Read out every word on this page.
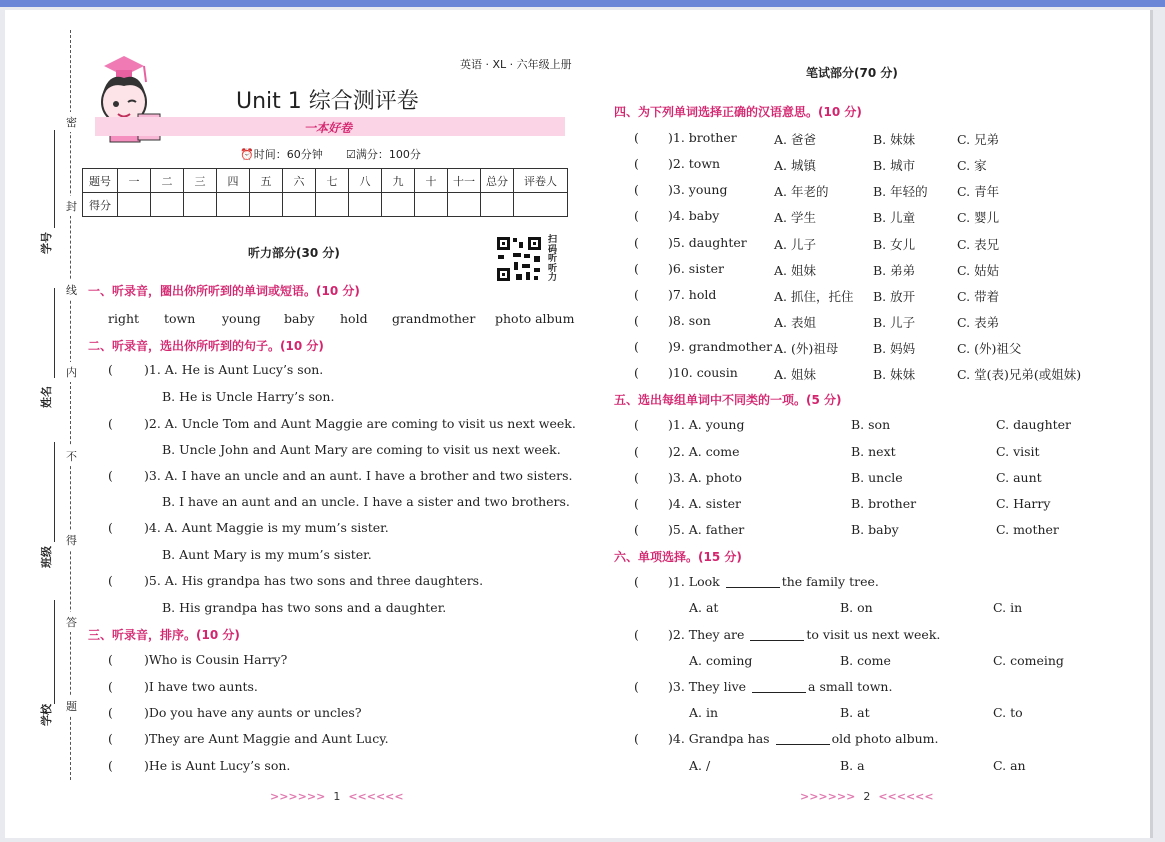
密
封
线
内
不
得
答
题
学号
姓名
班级
学校
英语 · XL · 六年级上册
Unit 1 综合测评卷
一本好卷
⏰时间：60分钟 ☑满分：100分
题号	一	二	三	四	五	六	七	八	九	十	十一	总分	评卷人
得分													
听力部分(30 分)
扫码听听力
一、听录音，圈出你所听到的单词或短语。(10 分)
right town young baby hold grandmother photo album
二、听录音，选出你所听到的句子。(10 分)
( )1. A. He is Aunt Lucy’s son.
B. He is Uncle Harry’s son.
( )2. A. Uncle Tom and Aunt Maggie are coming to visit us next week.
B. Uncle John and Aunt Mary are coming to visit us next week.
( )3. A. I have an uncle and an aunt. I have a brother and two sisters.
B. I have an aunt and an uncle. I have a sister and two brothers.
( )4. A. Aunt Maggie is my mum’s sister.
B. Aunt Mary is my mum’s sister.
( )5. A. His grandpa has two sons and three daughters.
B. His grandpa has two sons and a daughter.
三、听录音，排序。(10 分)
( )Who is Cousin Harry?
( )I have two aunts.
( )Do you have any aunts or uncles?
( )They are Aunt Maggie and Aunt Lucy.
( )He is Aunt Lucy’s son.
>>>>>> 1 <<<<<<
笔试部分(70 分)
四、为下列单词选择正确的汉语意思。(10 分)
( )1. brother	A. 爸爸	B. 妹妹	C. 兄弟
( )2. town	A. 城镇	B. 城市	C. 家
( )3. young	A. 年老的	B. 年轻的 C. 青年
( )4. baby	A. 学生	B. 儿童	C. 婴儿
( )5. daughter A. 儿子	B. 女儿	C. 表兄
( )6. sister	A. 姐妹	B. 弟弟	C. 姑姑
( )7. hold	A. 抓住，托住 B. 放开	C. 带着
( )8. son	A. 表姐	B. 儿子	C. 表弟
( )9. grandmother A. (外)祖母	B. 妈妈	C. (外)祖父
( )10. cousin	A. 姐妹	B. 妹妹	C. 堂(表)兄弟(或姐妹)
五、选出每组单词中不同类的一项。(5 分)
( )1. A. young	B. son	C. daughter
( )2. A. come	B. next	C. visit
( )3. A. photo	B. uncle	C. aunt
( )4. A. sister	B. brother	C. Harry
( )5. A. father	B. baby	C. mother
六、单项选择。(15 分)
( )1. Look	the family tree.
A. at	B. on	C. in
( )2. They are	to visit us next week.
A. coming	B. come	C. comeing
( )3. They live	a small town.
A. in	B. at	C. to
( )4. Grandpa has	old photo album.
A. /	B. a	C. an
>>>>>> 2 <<<<<<
